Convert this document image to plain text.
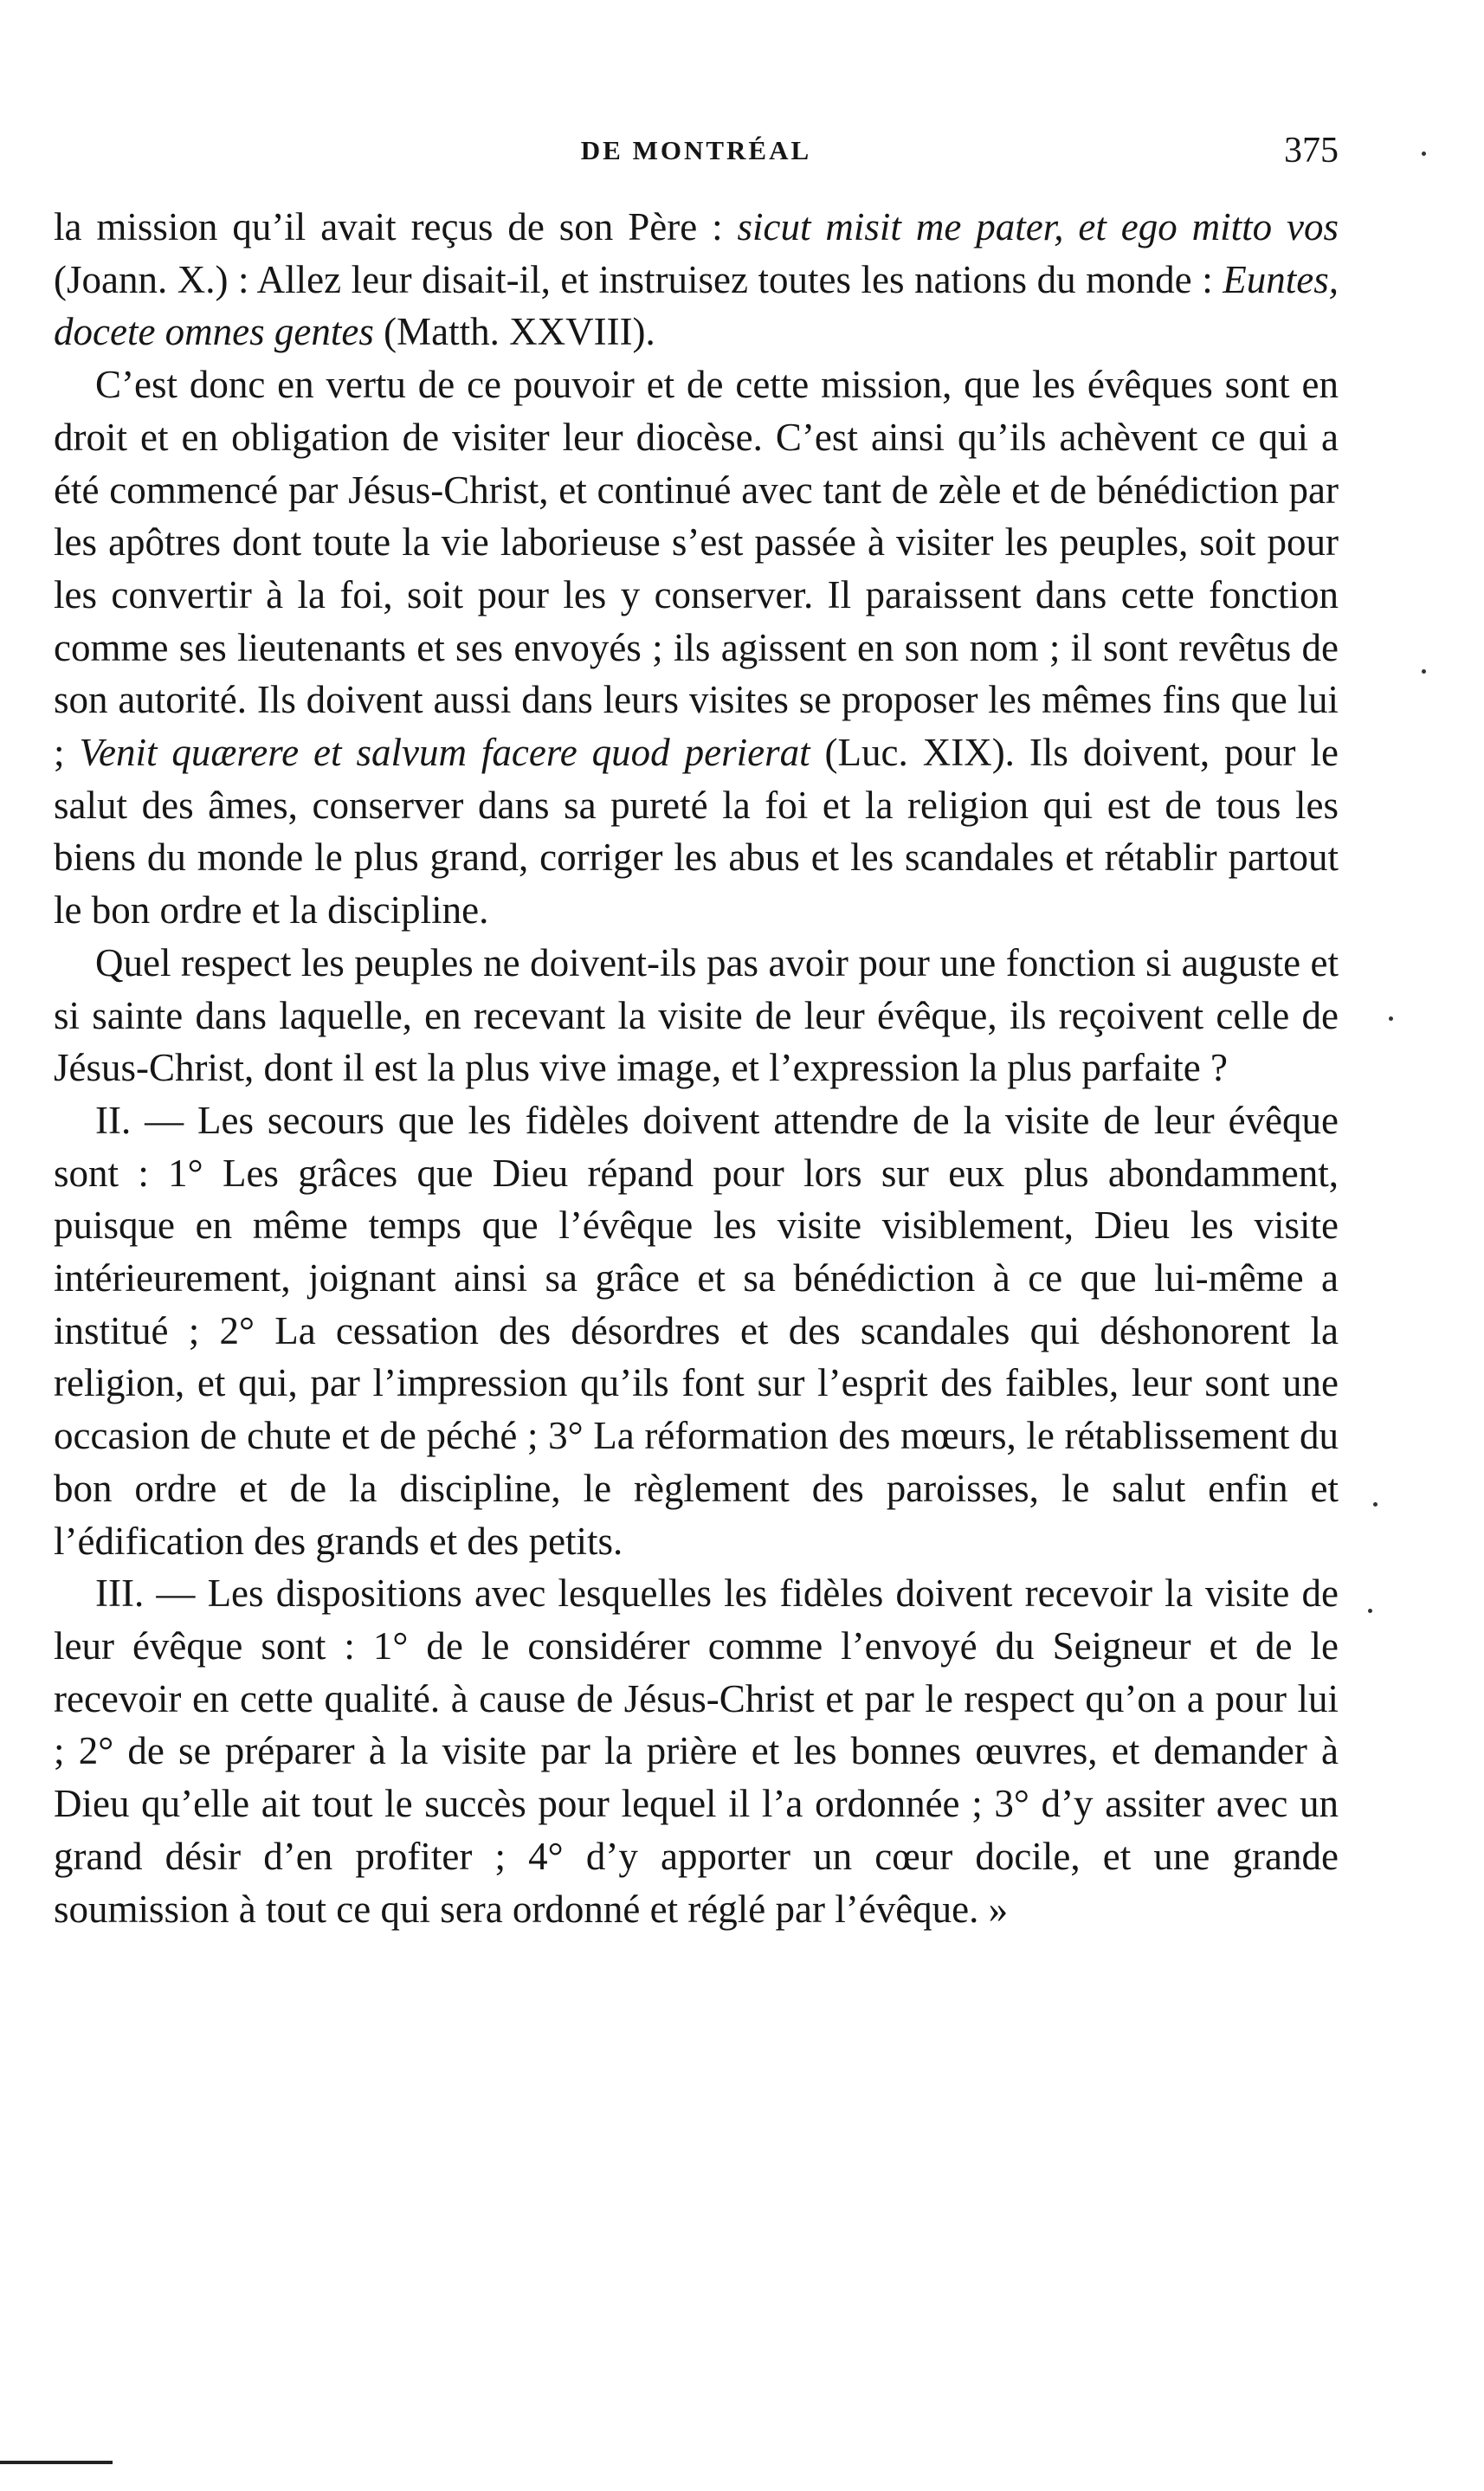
DE MONTRÉAL	375

la mission qu’il avait reçus de son Père : sicut misit me pater, et ego mitto vos (Joann. X.) : Allez leur disait-il, et instruisez toutes les nations du monde : Euntes, docete omnes gentes (Matth. XXVIII).

C’est donc en vertu de ce pouvoir et de cette mission, que les évêques sont en droit et en obligation de visiter leur diocèse. C’est ainsi qu’ils achèvent ce qui a été commencé par Jésus-Christ, et continué avec tant de zèle et de bénédiction par les apôtres dont toute la vie laborieuse s’est passée à visiter les peuples, soit pour les convertir à la foi, soit pour les y conserver. Il paraissent dans cette fonction comme ses lieutenants et ses envoyés ; ils agissent en son nom ; il sont revêtus de son autorité. Ils doivent aussi dans leurs visites se proposer les mêmes fins que lui ; Venit quærere et salvum facere quod perierat (Luc. XIX). Ils doivent, pour le salut des âmes, conserver dans sa pureté la foi et la religion qui est de tous les biens du monde le plus grand, corriger les abus et les scandales et rétablir partout le bon ordre et la discipline.

Quel respect les peuples ne doivent-ils pas avoir pour une fonction si auguste et si sainte dans laquelle, en recevant la visite de leur évêque, ils reçoivent celle de Jésus-Christ, dont il est la plus vive image, et l’expression la plus parfaite ?

II. — Les secours que les fidèles doivent attendre de la visite de leur évêque sont : 1° Les grâces que Dieu répand pour lors sur eux plus abondamment, puisque en même temps que l’évêque les visite visiblement, Dieu les visite intérieurement, joignant ainsi sa grâce et sa bénédiction à ce que lui-même a institué ; 2° La cessation des désordres et des scandales qui déshonorent la religion, et qui, par l’impression qu’ils font sur l’esprit des faibles, leur sont une occasion de chute et de péché ; 3° La réformation des mœurs, le rétablissement du bon ordre et de la discipline, le règlement des paroisses, le salut enfin et l’édification des grands et des petits.

III. — Les dispositions avec lesquelles les fidèles doivent recevoir la visite de leur évêque sont : 1° de le considérer comme l’envoyé du Seigneur et de le recevoir en cette qualité. à cause de Jésus-Christ et par le respect qu’on a pour lui ; 2° de se préparer à la visite par la prière et les bonnes œuvres, et demander à Dieu qu’elle ait tout le succès pour lequel il l’a ordonnée ; 3° d’y assiter avec un grand désir d’en profiter ; 4° d’y apporter un cœur docile, et une grande soumission à tout ce qui sera ordonné et réglé par l’évêque. »
